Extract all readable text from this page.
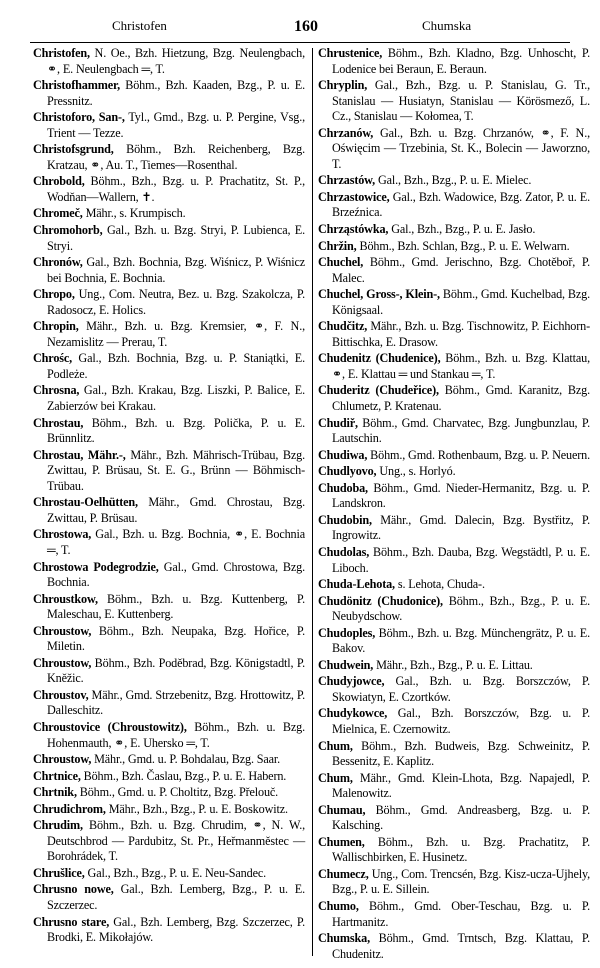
Christofen	160	Chumska
Christofen, N. Oe., Bzh. Hietzung, Bzg. Neulengbach, ⚭, E. Neulengbach ═, T.
Christofhammer, Böhm., Bzh. Kaaden, Bzg., P. u. E. Pressnitz.
Christoforo, San-, Tyl., Gmd., Bzg. u. P. Pergine, Vsg., Trient — Tezze.
Christofsgrund, Böhm., Bzh. Reichenberg, Bzg. Kratzau, ⚭, Au. T., Tiemes—Rosenthal.
Chrobold, Böhm., Bzh., Bzg. u. P. Prachatitz, St. P., Wodňan—Wallern, ✝.
Chromeč, Mähr., s. Krumpisch.
Chromohorb, Gal., Bzh. u. Bzg. Stryi, P. Lubienca, E. Stryi.
Chronów, Gal., Bzh. Bochnia, Bzg. Wiśnicz, P. Wiśnicz bei Bochnia, E. Bochnia.
Chropo, Ung., Com. Neutra, Bez. u. Bzg. Szakolcza, P. Radosocz, E. Holics.
Chropin, Mähr., Bzh. u. Bzg. Kremsier, ⚭, F. N., Nezamislitz — Prerau, T.
Chrośc, Gal., Bzh. Bochnia, Bzg. u. P. Staniątki, E. Podleże.
Chrosna, Gal., Bzh. Krakau, Bzg. Liszki, P. Balice, E. Zabierzów bei Krakau.
Chrostau, Böhm., Bzh. u. Bzg. Polička, P. u. E. Brünnlitz.
Chrostau, Mähr.-, Mähr., Bzh. Mährisch-Trübau, Bzg. Zwittau, P. Brüsau, St. E. G., Brünn — Böhmisch-Trübau.
Chrostau-Oelhütten, Mähr., Gmd. Chrostau, Bzg. Zwittau, P. Brüsau.
Chrostowa, Gal., Bzh. u. Bzg. Bochnia, ⚭, E. Bochnia ═, T.
Chrostowa Podegrodzie, Gal., Gmd. Chrostowa, Bzg. Bochnia.
Chroustkow, Böhm., Bzh. u. Bzg. Kuttenberg, P. Maleschau, E. Kuttenberg.
Chroustow, Böhm., Bzh. Neupaka, Bzg. Hořice, P. Miletin.
Chroustow, Böhm., Bzh. Poděbrad, Bzg. Königstadtl, P. Kněžic.
Chroustov, Mähr., Gmd. Strzebenitz, Bzg. Hrottowitz, P. Dalleschitz.
Chroustovice (Chroustowitz), Böhm., Bzh. u. Bzg. Hohenmauth, ⚭, E. Uhersko ═, T.
Chroustow, Mähr., Gmd. u. P. Bohdalau, Bzg. Saar.
Chrtnice, Böhm., Bzh. Časlau, Bzg., P. u. E. Habern.
Chrtnik, Böhm., Gmd. u. P. Choltitz, Bzg. Přelouč.
Chrudichrom, Mähr., Bzh., Bzg., P. u. E. Boskowitz.
Chrudim, Böhm., Bzh. u. Bzg. Chrudim, ⚭, N. W., Deutschbrod — Pardubitz, St. Pr., Heřmanměstec — Borohrádek, T.
Chrušlice, Gal., Bzh., Bzg., P. u. E. Neu-Sandec.
Chrusno nowe, Gal., Bzh. Lemberg, Bzg., P. u. E. Szczerzec.
Chrusno stare, Gal., Bzh. Lemberg, Bzg. Szczerzec, P. Brodki, E. Mikołajów.
Chrustenice, Böhm., Bzh. Kladno, Bzg. Unhoscht, P. Lodenice bei Beraun, E. Beraun.
Chryplin, Gal., Bzh., Bzg. u. P. Stanislau, G. Tr., Stanislau — Husiatyn, Stanislau — Körösmező, L. Cz., Stanislau — Kołomea, T.
Chrzanów, Gal., Bzh. u. Bzg. Chrzanów, ⚭, F. N., Oświęcim — Trzebinia, St. K., Bolecin — Jaworzno, T.
Chrzastów, Gal., Bzh., Bzg., P. u. E. Mielec.
Chrzastowice, Gal., Bzh. Wadowice, Bzg. Zator, P. u. E. Brzeźnica.
Chrząstówka, Gal., Bzh., Bzg., P. u. E. Jasło.
Chržin, Böhm., Bzh. Schlan, Bzg., P. u. E. Welwarn.
Chuchel, Böhm., Gmd. Jerischno, Bzg. Chotěboř, P. Malec.
Chuchel, Gross-, Klein-, Böhm., Gmd. Kuchelbad, Bzg. Königsaal.
Chudčitz, Mähr., Bzh. u. Bzg. Tischnowitz, P. Eichhorn-Bittischka, E. Drasow.
Chudenitz (Chudenice), Böhm., Bzh. u. Bzg. Klattau, ⚭, E. Klattau ═ und Stankau ═, T.
Chuderitz (Chudeřice), Böhm., Gmd. Karanitz, Bzg. Chlumetz, P. Kratenau.
Chudiř, Böhm., Gmd. Charvatec, Bzg. Jungbunzlau, P. Lautschin.
Chudiwa, Böhm., Gmd. Rothenbaum, Bzg. u. P. Neuern.
Chudlyovo, Ung., s. Horlyó.
Chudoba, Böhm., Gmd. Nieder-Hermanitz, Bzg. u. P. Landskron.
Chudobin, Mähr., Gmd. Dalecin, Bzg. Bystřitz, P. Ingrowitz.
Chudolas, Böhm., Bzh. Dauba, Bzg. Wegstädtl, P. u. E. Liboch.
Chuda-Lehota, s. Lehota, Chuda-.
Chudönitz (Chudonice), Böhm., Bzh., Bzg., P. u. E. Neubydschow.
Chudoples, Böhm., Bzh. u. Bzg. Münchengrätz, P. u. E. Bakov.
Chudwein, Mähr., Bzh., Bzg., P. u. E. Littau.
Chudyjowce, Gal., Bzh. u. Bzg. Borszczów, P. Skowiatyn, E. Czortków.
Chudykowce, Gal., Bzh. Borszczów, Bzg. u. P. Mielnica, E. Czernowitz.
Chum, Böhm., Bzh. Budweis, Bzg. Schweinitz, P. Bessenitz, E. Kaplitz.
Chum, Mähr., Gmd. Klein-Lhota, Bzg. Napajedl, P. Malenowitz.
Chumau, Böhm., Gmd. Andreasberg, Bzg. u. P. Kalsching.
Chumen, Böhm., Bzh. u. Bzg. Prachatitz, P. Wallischbirken, E. Husinetz.
Chumecz, Ung., Com. Trencsén, Bzg. Kisz-ucza-Ujhely, Bzg., P. u. E. Sillein.
Chumo, Böhm., Gmd. Ober-Teschau, Bzg. u. P. Hartmanitz.
Chumska, Böhm., Gmd. Trntsch, Bzg. Klattau, P. Chudenitz.
